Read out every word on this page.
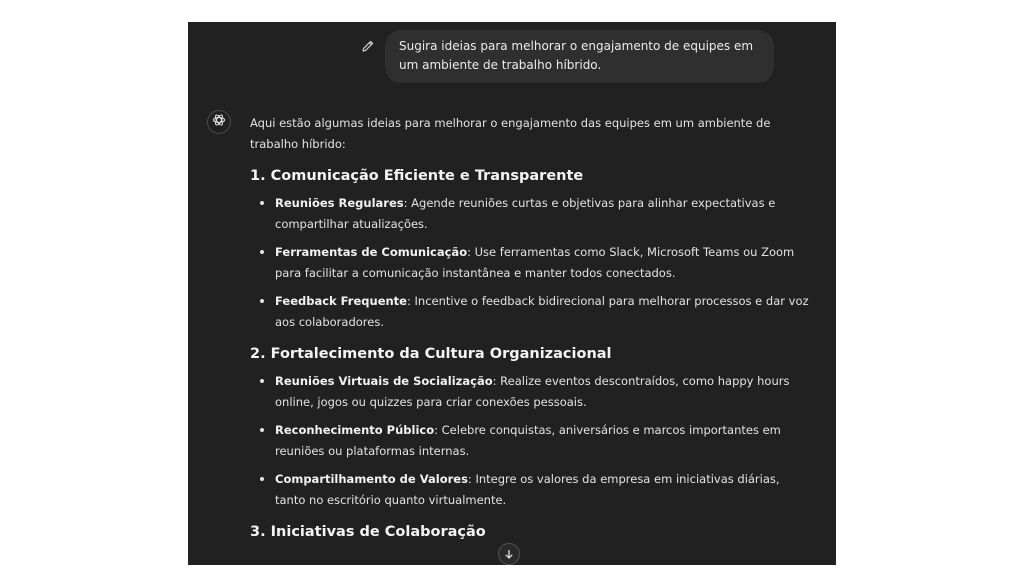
Sugira ideias para melhorar o engajamento de equipes em um ambiente de trabalho híbrido.

Aqui estão algumas ideias para melhorar o engajamento das equipes em um ambiente de trabalho híbrido:

1. Comunicação Eficiente e Transparente
Reuniões Regulares: Agende reuniões curtas e objetivas para alinhar expectativas e compartilhar atualizações.
Ferramentas de Comunicação: Use ferramentas como Slack, Microsoft Teams ou Zoom para facilitar a comunicação instantânea e manter todos conectados.
Feedback Frequente: Incentive o feedback bidirecional para melhorar processos e dar voz aos colaboradores.
2. Fortalecimento da Cultura Organizacional
Reuniões Virtuais de Socialização: Realize eventos descontraídos, como happy hours online, jogos ou quizzes para criar conexões pessoais.
Reconhecimento Público: Celebre conquistas, aniversários e marcos importantes em reuniões ou plataformas internas.
Compartilhamento de Valores: Integre os valores da empresa em iniciativas diárias, tanto no escritório quanto virtualmente.
3. Iniciativas de Colaboração
